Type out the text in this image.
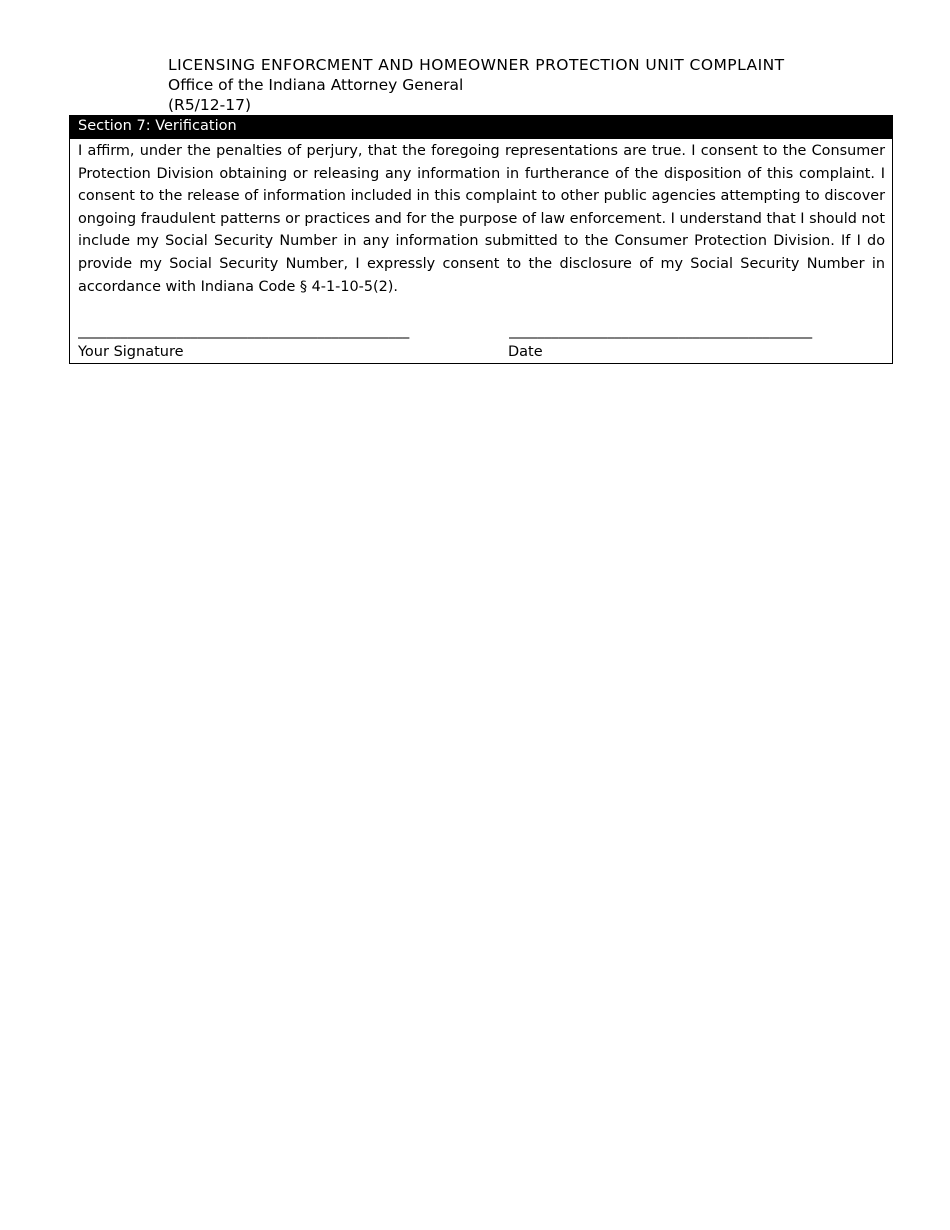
LICENSING ENFORCMENT AND HOMEOWNER PROTECTION UNIT COMPLAINT
Office of the Indiana Attorney General
(R5/12-17)
Section 7: Verification
I affirm, under the penalties of perjury, that the foregoing representations are true. I consent to the Consumer Protection Division obtaining or releasing any information in furtherance of the disposition of this complaint. I consent to the release of information included in this complaint to other public agencies attempting to discover ongoing fraudulent patterns or practices and for the purpose of law enforcement. I understand that I should not include my Social Security Number in any information submitted to the Consumer Protection Division. If I do provide my Social Security Number, I expressly consent to the disclosure of my Social Security Number in accordance with Indiana Code § 4-1-10-5(2).
_______________________________________________	___________________________________________
Your Signature	Date
